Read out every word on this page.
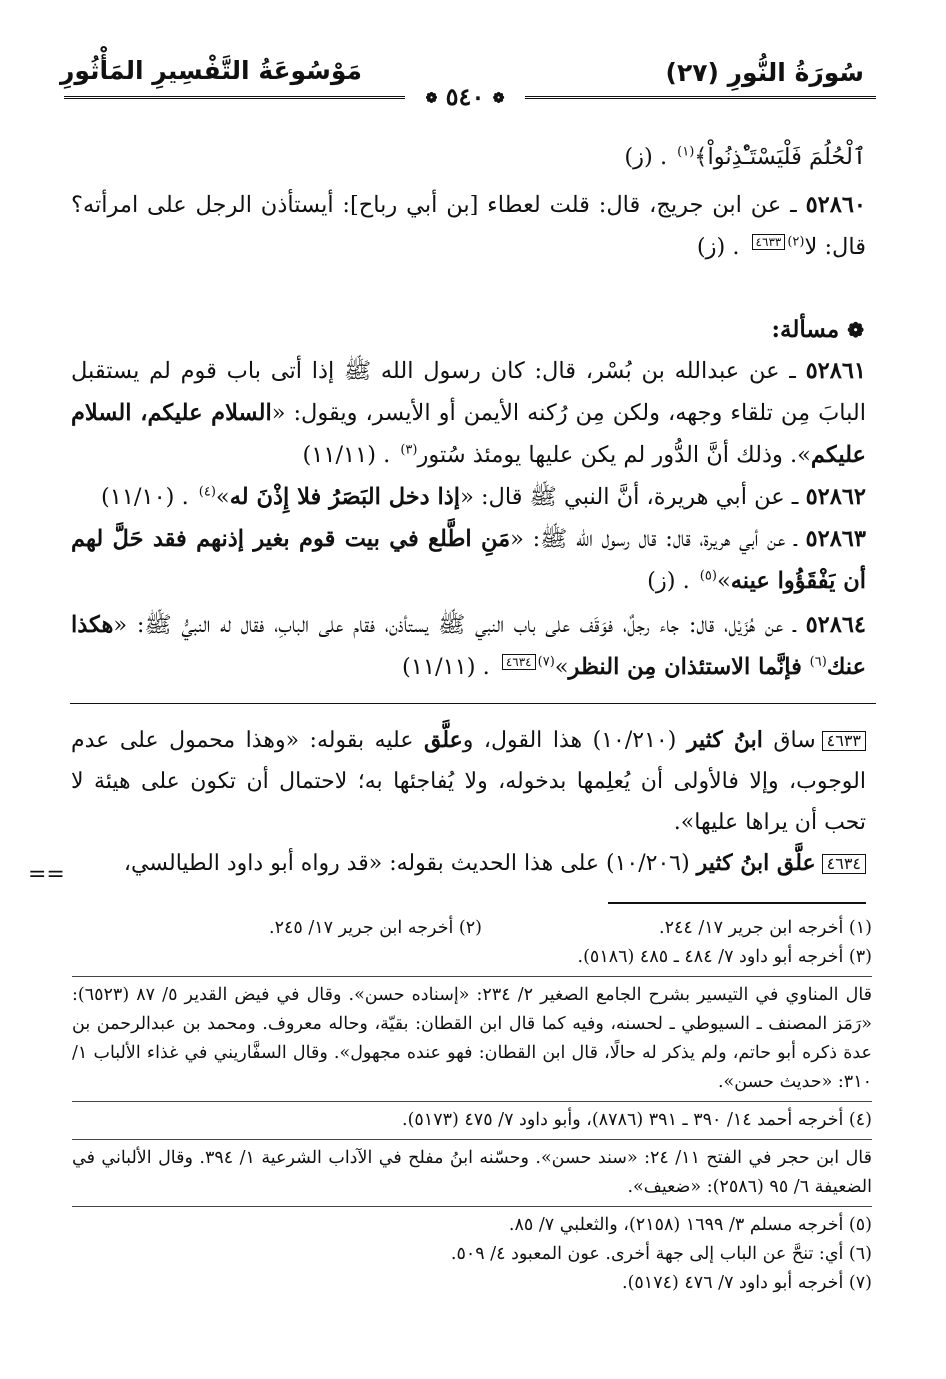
سُورَةُ النُّورِ (٢٧)
مَوْسُوعَةُ التَّفْسِيرِ المَأْثُورِ
❁ ٥٤٠ ❁

ٱلْحُلُمَ فَلْيَسْتَـْٔذِنُواْ﴾$^{(١)}$. (ز)

٥٢٨٦٠ ـ عن ابن جريج، قال: قلت لعطاء [بن أبي رباح]: أيستأذن الرجل على امرأته؟ قال: لا$^{(٢)}$٤٦٣٣. (ز)

❁مسألة:

٥٢٨٦١ ـ عن عبدالله بن بُسْر، قال: كان رسول الله ﷺ إذا أتى باب قوم لم يستقبل البابَ مِن تلقاء وجهه، ولكن مِن رُكنه الأيمن أو الأيسر، ويقول: «السلام عليكم، السلام عليكم». وذلك أنَّ الدُّور لم يكن عليها يومئذ سُتور$^{(٣)}$. (١١/١١)

٥٢٨٦٢ ـ عن أبي هريرة، أنَّ النبي ﷺ قال: «إذا دخل البَصَرُ فلا إِذْنَ له»$^{(٤)}$. (١١/١٠)

٥٢٨٦٣ ـ عن أبي هريرة، قال: قال رسول الله ﷺ: «مَنِ اطَّلع في بيت قوم بغير إذنهم فقد حَلَّ لهم أن يَفْقَؤُوا عينه»$^{(٥)}$. (ز)

٥٢٨٦٤ ـ عن هُزَيْل، قال: جاء رجلٌ، فوَقَف على باب النبي ﷺ يستأذن، فقام على البابِ، فقال له النبيُّ ﷺ: «هكذا عنك$^{(٦)}$ فإنَّما الاستئذان مِن النظر»$^{(٧)}$٤٦٣٤. (١١/١١)

٤٦٣٣ساق ابنُ كثير (١٠/٢١٠) هذا القول، وعلَّق عليه بقوله: «وهذا محمول على عدم الوجوب، وإلا فالأولى أن يُعلِمها بدخوله، ولا يُفاجئها به؛ لاحتمال أن تكون على هيئة لا تحب أن يراها عليها».

٤٦٣٤علَّق ابنُ كثير (١٠/٢٠٦) على هذا الحديث بقوله: «قد رواه أبو داود الطيالسي،

==
(١) أخرجه ابن جرير ١٧/ ٢٤٤.
(٢) أخرجه ابن جرير ١٧/ ٢٤٥.

(٣) أخرجه أبو داود ٧/ ٤٨٤ ـ ٤٨٥ (٥١٨٦).

قال المناوي في التيسير بشرح الجامع الصغير ٢/ ٢٣٤: «إسناده حسن». وقال في فيض القدير ٥/ ٨٧ (٦٥٢٣): «رَمَز المصنف ـ السيوطي ـ لحسنه، وفيه كما قال ابن القطان: بقيّة، وحاله معروف. ومحمد بن عبدالرحمن بن عدة ذكره أبو حاتم، ولم يذكر له حالًا، قال ابن القطان: فهو عنده مجهول». وقال السفَّاريني في غذاء الألباب ١/ ٣١٠: «حديث حسن».

(٤) أخرجه أحمد ١٤/ ٣٩٠ ـ ٣٩١ (٨٧٨٦)، وأبو داود ٧/ ٤٧٥ (٥١٧٣).

قال ابن حجر في الفتح ١١/ ٢٤: «سند حسن». وحسّنه ابنُ مفلح في الآداب الشرعية ١/ ٣٩٤. وقال الألباني في الضعيفة ٦/ ٩٥ (٢٥٨٦): «ضعيف».

(٥) أخرجه مسلم ٣/ ١٦٩٩ (٢١٥٨)، والثعلبي ٧/ ٨٥.

(٦) أي: تنحَّ عن الباب إلى جهة أخرى. عون المعبود ٤/ ٥٠٩.

(٧) أخرجه أبو داود ٧/ ٤٧٦ (٥١٧٤).
